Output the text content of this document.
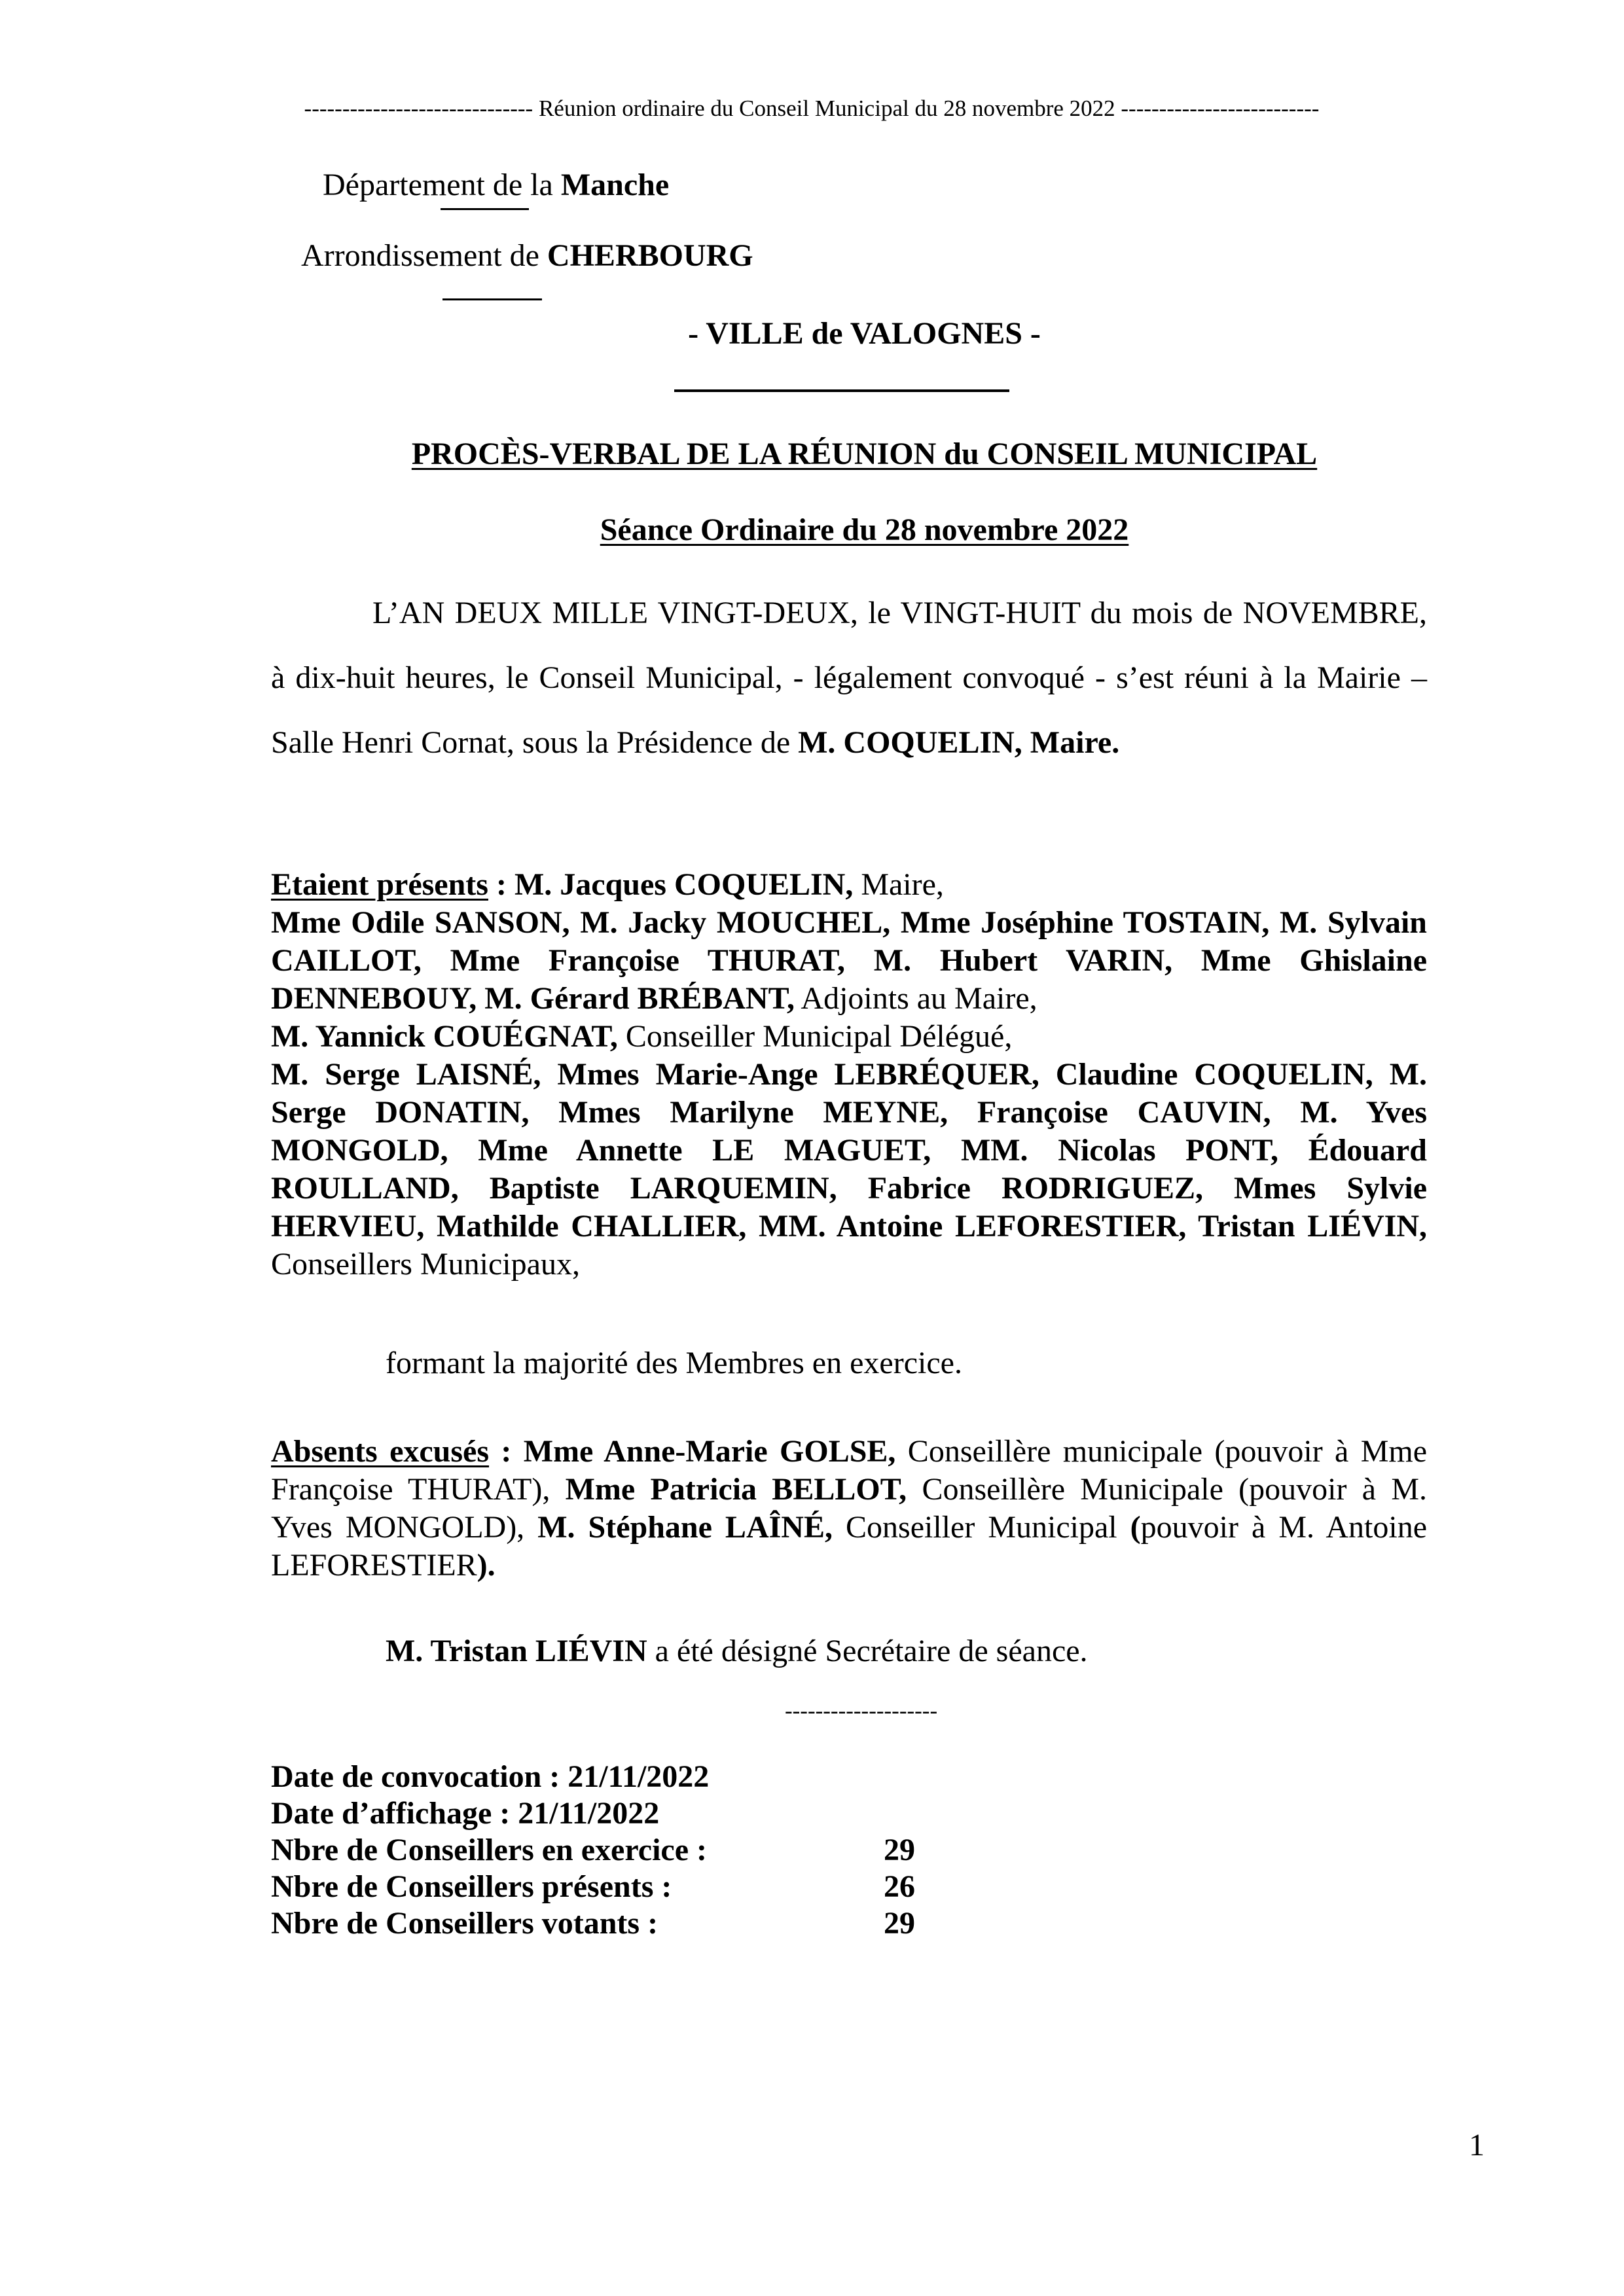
------------------------------ Réunion ordinaire du Conseil Municipal du 28 novembre 2022 --------------------------
Département de la Manche
Arrondissement de CHERBOURG
- VILLE de VALOGNES -
PROCÈS-VERBAL DE LA RÉUNION du CONSEIL MUNICIPAL
Séance Ordinaire du 28 novembre 2022
L’AN DEUX MILLE VINGT-DEUX, le VINGT-HUIT du mois de NOVEMBRE, à dix-huit heures, le Conseil Municipal, - légalement convoqué - s’est réuni à la Mairie – Salle Henri Cornat, sous la Présidence de M. COQUELIN, Maire.
Etaient présents : M. Jacques COQUELIN, Maire,
Mme Odile SANSON, M. Jacky MOUCHEL, Mme Joséphine TOSTAIN, M. Sylvain CAILLOT, Mme Françoise THURAT, M. Hubert VARIN, Mme Ghislaine DENNEBOUY, M. Gérard BRÉBANT, Adjoints au Maire,
M. Yannick COUÉGNAT, Conseiller Municipal Délégué,
M. Serge LAISNÉ, Mmes Marie-Ange LEBRÉQUER, Claudine COQUELIN, M. Serge DONATIN, Mmes Marilyne MEYNE, Françoise CAUVIN, M. Yves MONGOLD, Mme Annette LE MAGUET, MM. Nicolas PONT, Édouard ROULLAND, Baptiste LARQUEMIN, Fabrice RODRIGUEZ, Mmes Sylvie HERVIEU, Mathilde CHALLIER, MM. Antoine LEFORESTIER, Tristan LIÉVIN, Conseillers Municipaux,
formant la majorité des Membres en exercice.
Absents excusés : Mme Anne-Marie GOLSE, Conseillère municipale (pouvoir à Mme Françoise THURAT), Mme Patricia BELLOT, Conseillère Municipale (pouvoir à M. Yves MONGOLD), M. Stéphane LAÎNÉ, Conseiller Municipal (pouvoir à M. Antoine LEFORESTIER).
M. Tristan LIÉVIN a été désigné Secrétaire de séance.
--------------------
Date de convocation : 21/11/2022
Date d’affichage : 21/11/2022
Nbre de Conseillers en exercice :	29
Nbre de Conseillers présents :	26
Nbre de Conseillers votants :	29
1
